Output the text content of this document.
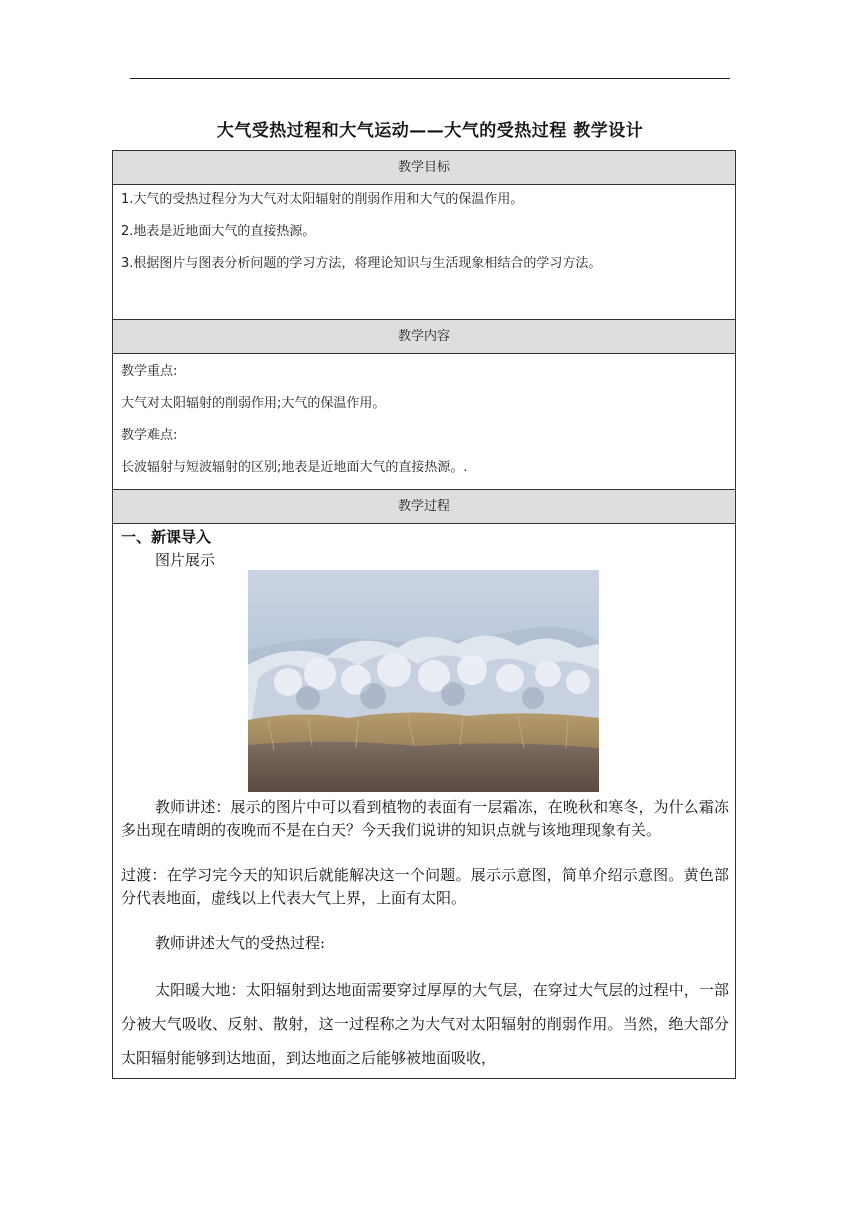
大气受热过程和大气运动——大气的受热过程 教学设计
教学目标

1.大气的受热过程分为大气对太阳辐射的削弱作用和大气的保温作用。

2.地表是近地面大气的直接热源。

3.根据图片与图表分析问题的学习方法，将理论知识与生活现象相结合的学习方法。

教学内容

教学重点:

大气对太阳辐射的削弱作用;大气的保温作用。

教学难点:

长波辐射与短波辐射的区别;地表是近地面大气的直接热源。.

教学过程
一、新课导入
图片展示
教师讲述：展示的图片中可以看到植物的表面有一层霜冻，在晚秋和寒冬，为什么霜冻多出现在晴朗的夜晚而不是在白天？今天我们说讲的知识点就与该地理现象有关。
过渡：在学习完今天的知识后就能解决这一个问题。展示示意图，简单介绍示意图。黄色部分代表地面，虚线以上代表大气上界，上面有太阳。
教师讲述大气的受热过程:
太阳暖大地：太阳辐射到达地面需要穿过厚厚的大气层，在穿过大气层的过程中，一部分被大气吸收、反射、散射，这一过程称之为大气对太阳辐射的削弱作用。当然，绝大部分太阳辐射能够到达地面，到达地面之后能够被地面吸收，
